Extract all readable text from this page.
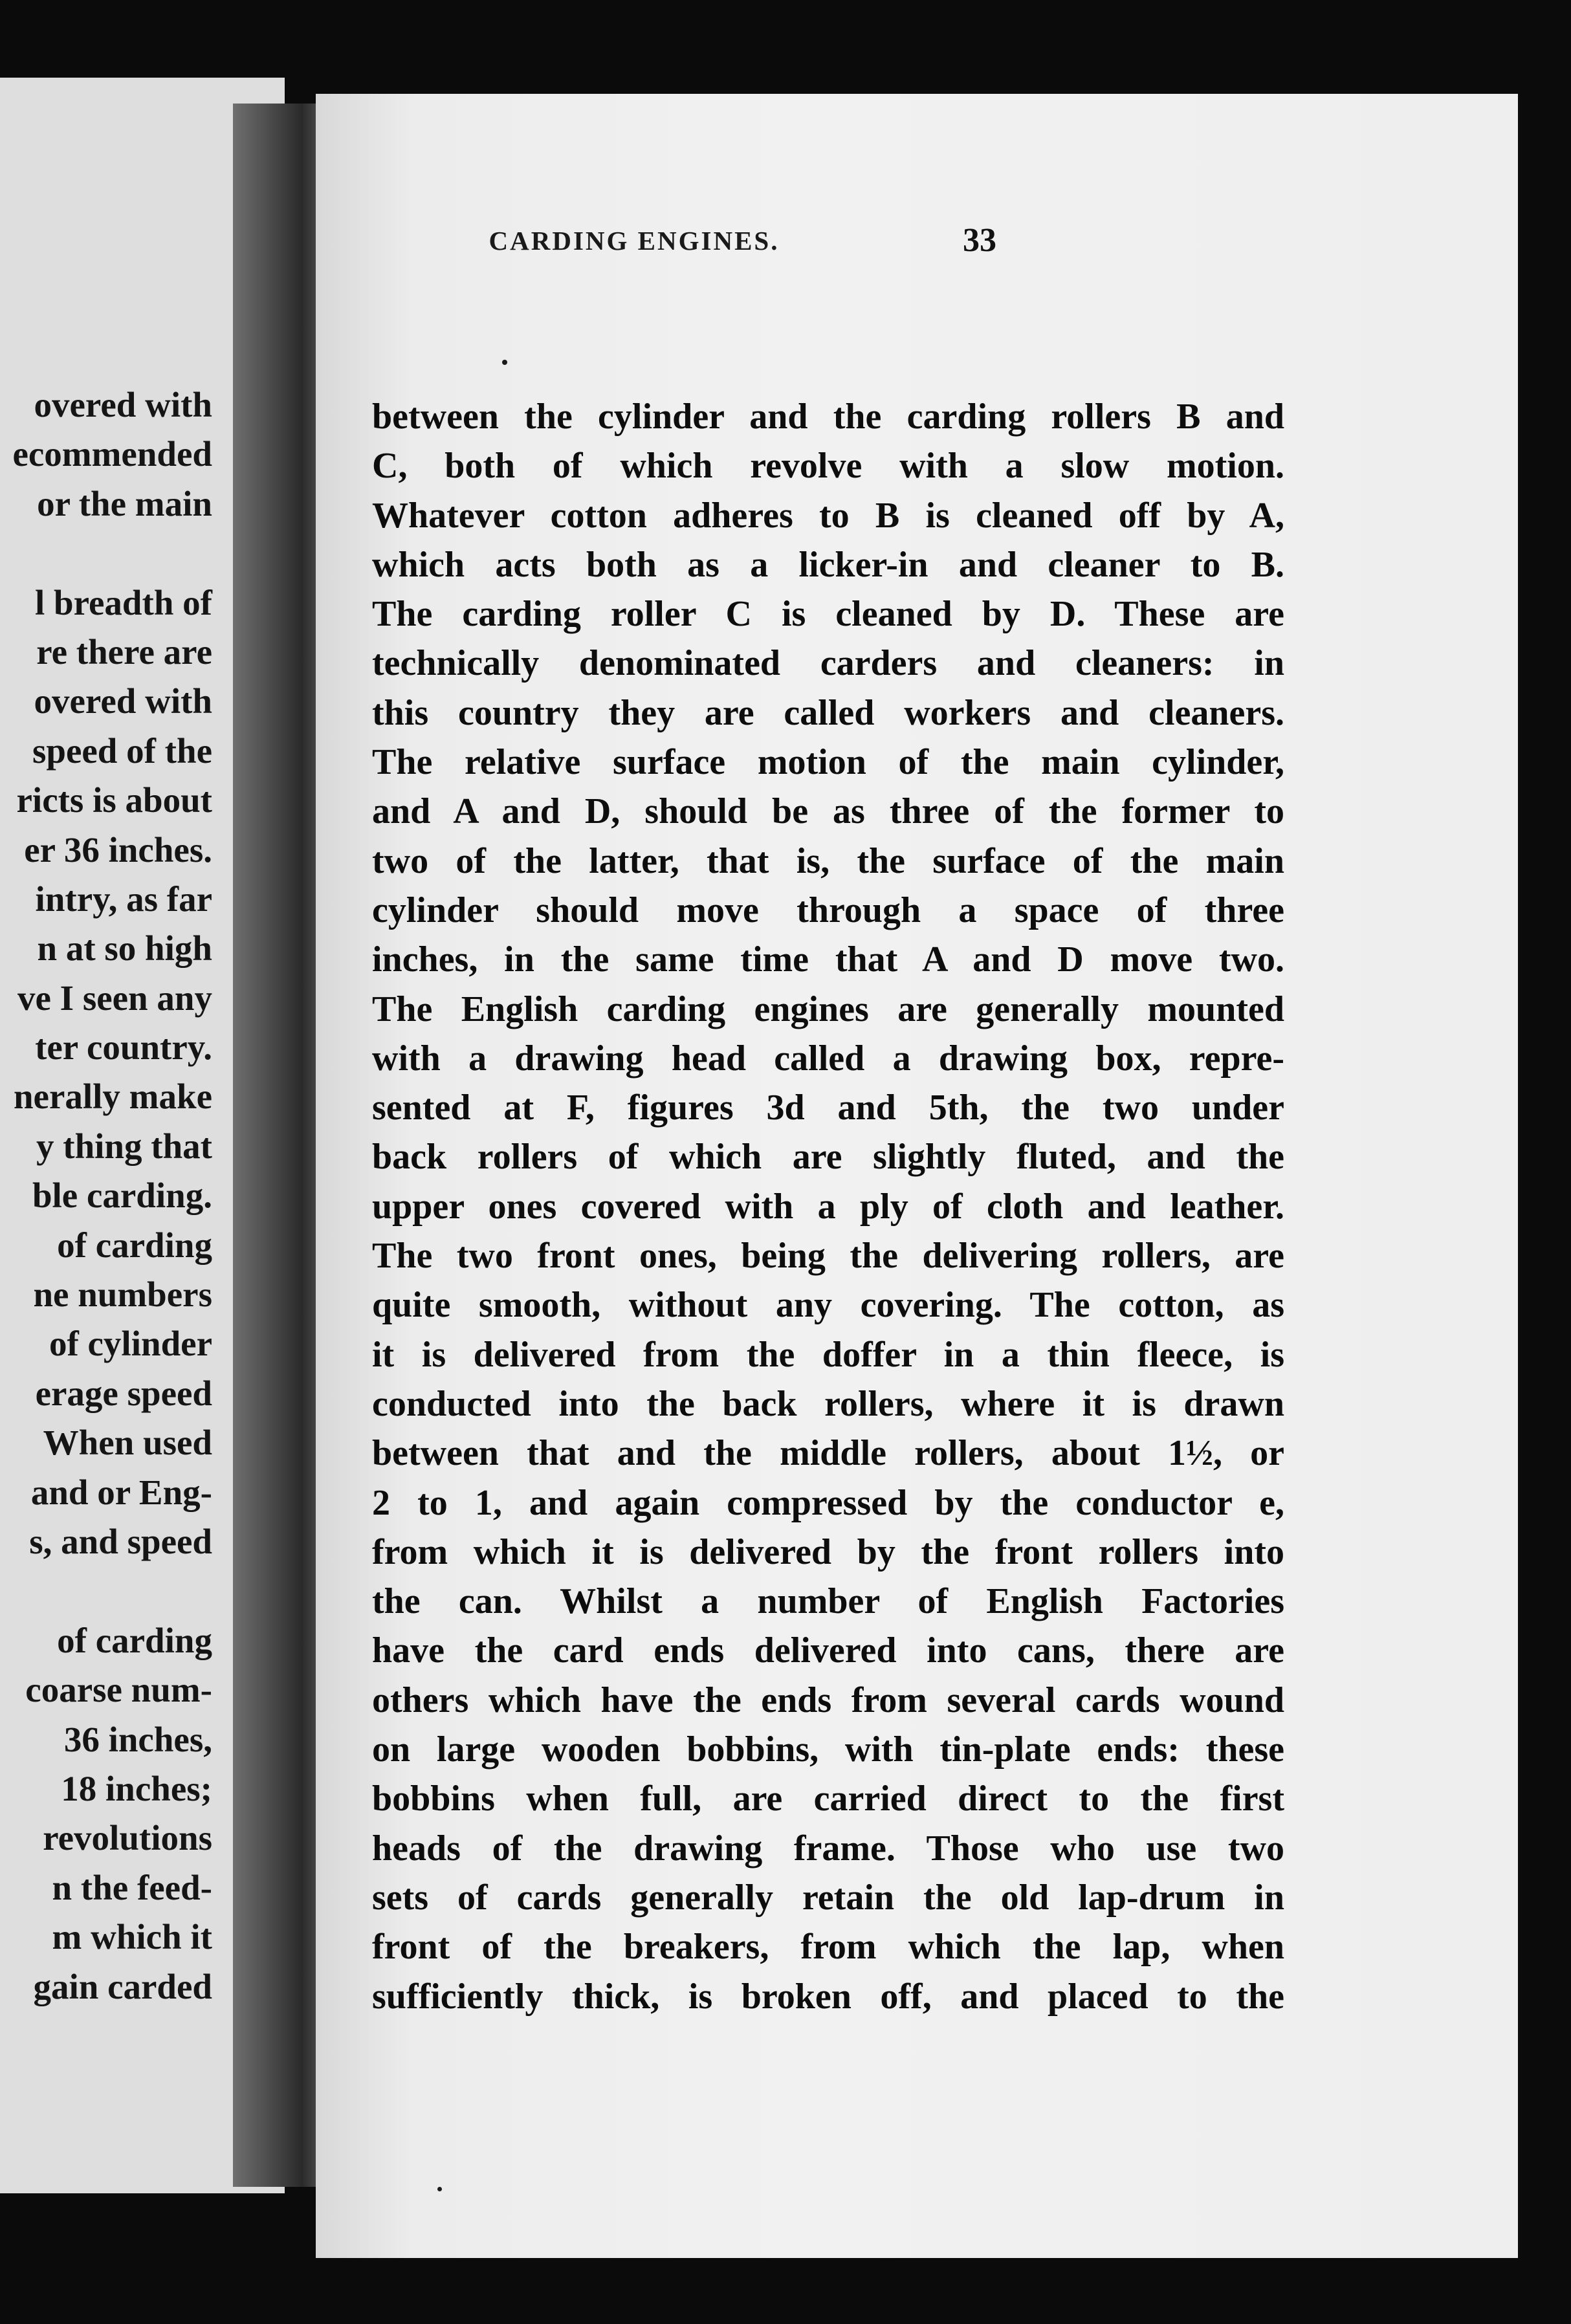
overed with
ecommended
or the main
l breadth of
re there are
overed with
speed of the
ricts is about
er 36 inches.
intry, as far
n at so high
ve I seen any
ter country.
nerally make
y thing that
ble carding.
of carding
ne numbers
of cylinder
erage speed
When used
and or Eng-
s, and speed
of carding
coarse num-
36 inches,
18 inches;
revolutions
n the feed-
m which it
gain carded
CARDING ENGINES.	33
between the cylinder and the carding rollers B and
C, both of which revolve with a slow motion.
Whatever cotton adheres to B is cleaned off by A,
which acts both as a licker-in and cleaner to B.
The carding roller C is cleaned by D. These are
technically denominated carders and cleaners: in
this country they are called workers and cleaners.
The relative surface motion of the main cylinder,
and A and D, should be as three of the former to
two of the latter, that is, the surface of the main
cylinder should move through a space of three
inches, in the same time that A and D move two.
The English carding engines are generally mounted
with a drawing head called a drawing box, repre-
sented at F, figures 3d and 5th, the two under
back rollers of which are slightly fluted, and the
upper ones covered with a ply of cloth and leather.
The two front ones, being the delivering rollers, are
quite smooth, without any covering. The cotton, as
it is delivered from the doffer in a thin fleece, is
conducted into the back rollers, where it is drawn
between that and the middle rollers, about 1½, or
2 to 1, and again compressed by the conductor e,
from which it is delivered by the front rollers into
the can. Whilst a number of English Factories
have the card ends delivered into cans, there are
others which have the ends from several cards wound
on large wooden bobbins, with tin-plate ends: these
bobbins when full, are carried direct to the first
heads of the drawing frame. Those who use two
sets of cards generally retain the old lap-drum in
front of the breakers, from which the lap, when
sufficiently thick, is broken off, and placed to the
